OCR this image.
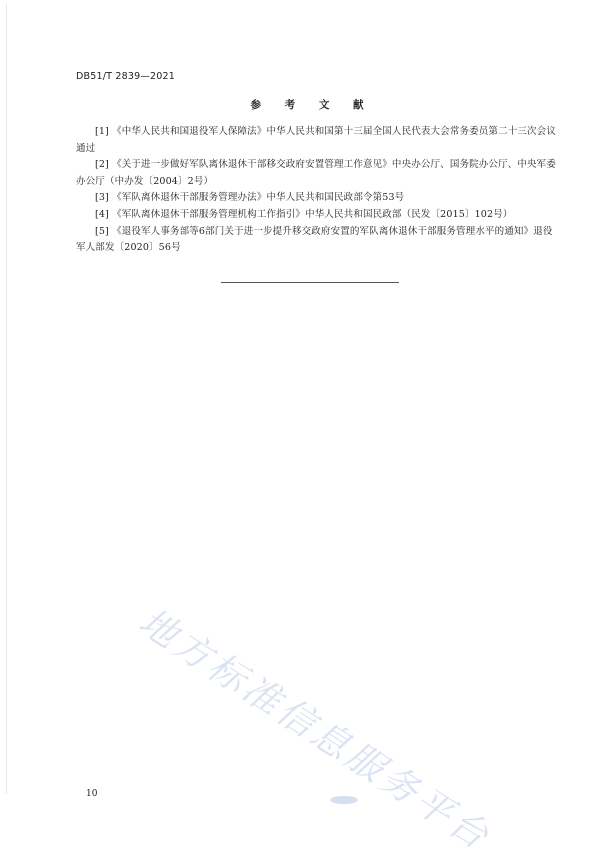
DB51/T 2839—2021
参 考 文 献

[1] 《中华人民共和国退役军人保障法》中华人民共和国第十三届全国人民代表大会常务委员第二十三次会议通过

[2] 《关于进一步做好军队离休退休干部移交政府安置管理工作意见》中央办公厅、国务院办公厅、中央军委办公厅（中办发〔2004〕2号）

[3] 《军队离休退休干部服务管理办法》中华人民共和国民政部令第53号

[4] 《军队离休退休干部服务管理机构工作指引》中华人民共和国民政部（民发〔2015〕102号）

[5] 《退役军人事务部等6部门关于进一步提升移交政府安置的军队离休退休干部服务管理水平的通知》退役军人部发〔2020〕56号

地方标准信息服务平台
10
